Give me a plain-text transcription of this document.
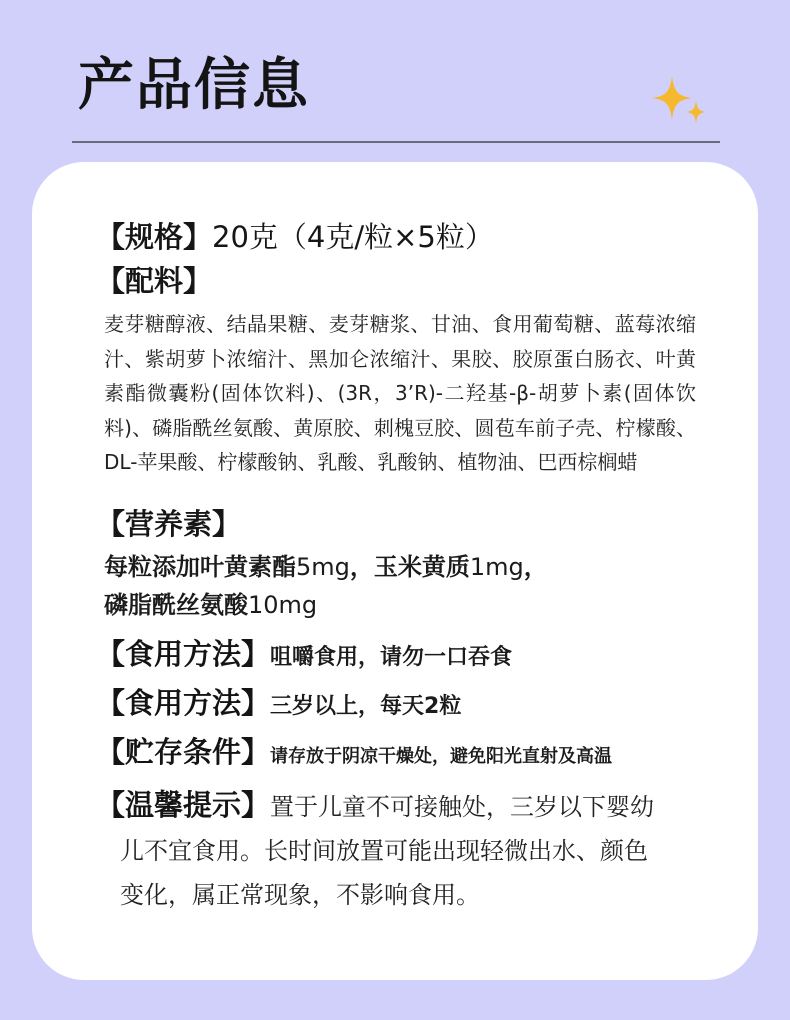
产品信息
【规格】20克（4克/粒×5粒）
【配料】
麦芽糖醇液、结晶果糖、麦芽糖浆、甘油、食用葡萄糖、蓝莓浓缩汁、紫胡萝卜浓缩汁、黑加仑浓缩汁、果胶、胶原蛋白肠衣、叶黄素酯微囊粉(固体饮料)、(3R，3’R)-二羟基-β-胡萝卜素(固体饮料)、磷脂酰丝氨酸、黄原胶、刺槐豆胶、圆苞车前子壳、柠檬酸、DL-苹果酸、柠檬酸钠、乳酸、乳酸钠、植物油、巴西棕榈蜡
【营养素】
每粒添加叶黄素酯5mg，玉米黄质1mg，
磷脂酰丝氨酸10mg
【食用方法】咀嚼食用，请勿一口吞食
【食用方法】三岁以上，每天2粒
【贮存条件】请存放于阴凉干燥处，避免阳光直射及高温
【温馨提示】置于儿童不可接触处，三岁以下婴幼
儿不宜食用。长时间放置可能出现轻微出水、颜色
变化，属正常现象，不影响食用。
